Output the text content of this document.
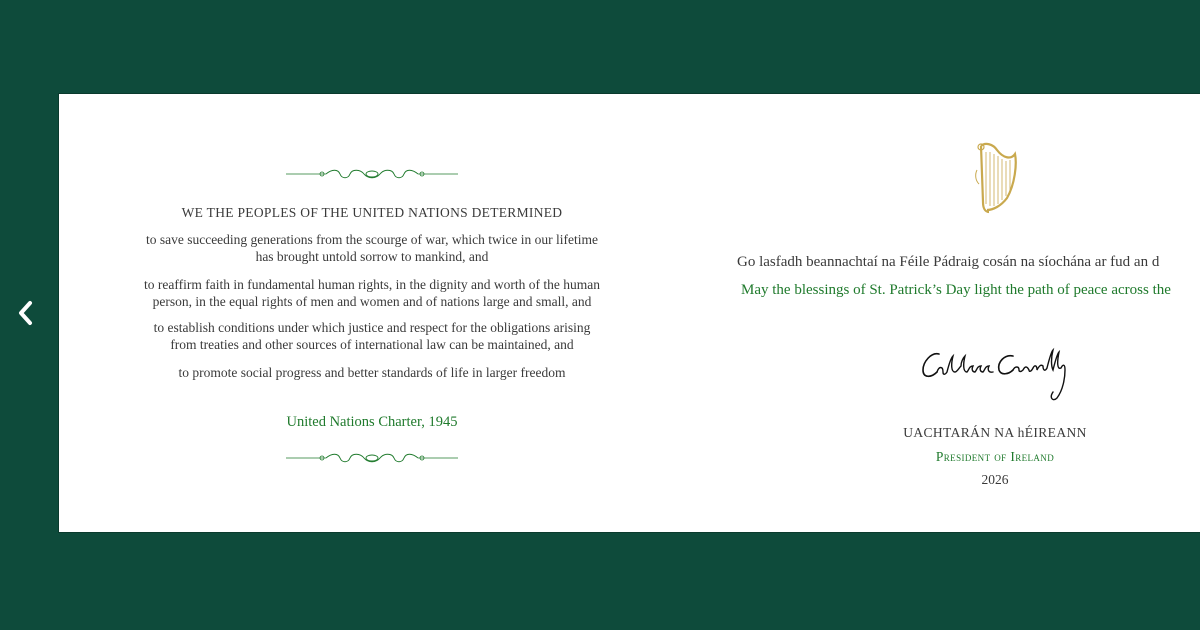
WE THE PEOPLES OF THE UNITED NATIONS DETERMINED

to save succeeding generations from the scourge of war, which twice in our lifetime
has brought untold sorrow to mankind, and

to reaffirm faith in fundamental human rights, in the dignity and worth of the human
person, in the equal rights of men and women and of nations large and small, and

to establish conditions under which justice and respect for the obligations arising
from treaties and other sources of international law can be maintained, and

to promote social progress and better standards of life in larger freedom

United Nations Charter, 1945

Go lasfadh beannachtaí na Féile Pádraig cosán na síochána ar fud an d

May the blessings of St. Patrick’s Day light the path of peace across the

UACHTARÁN NA hÉIREANN

President of Ireland

2026
